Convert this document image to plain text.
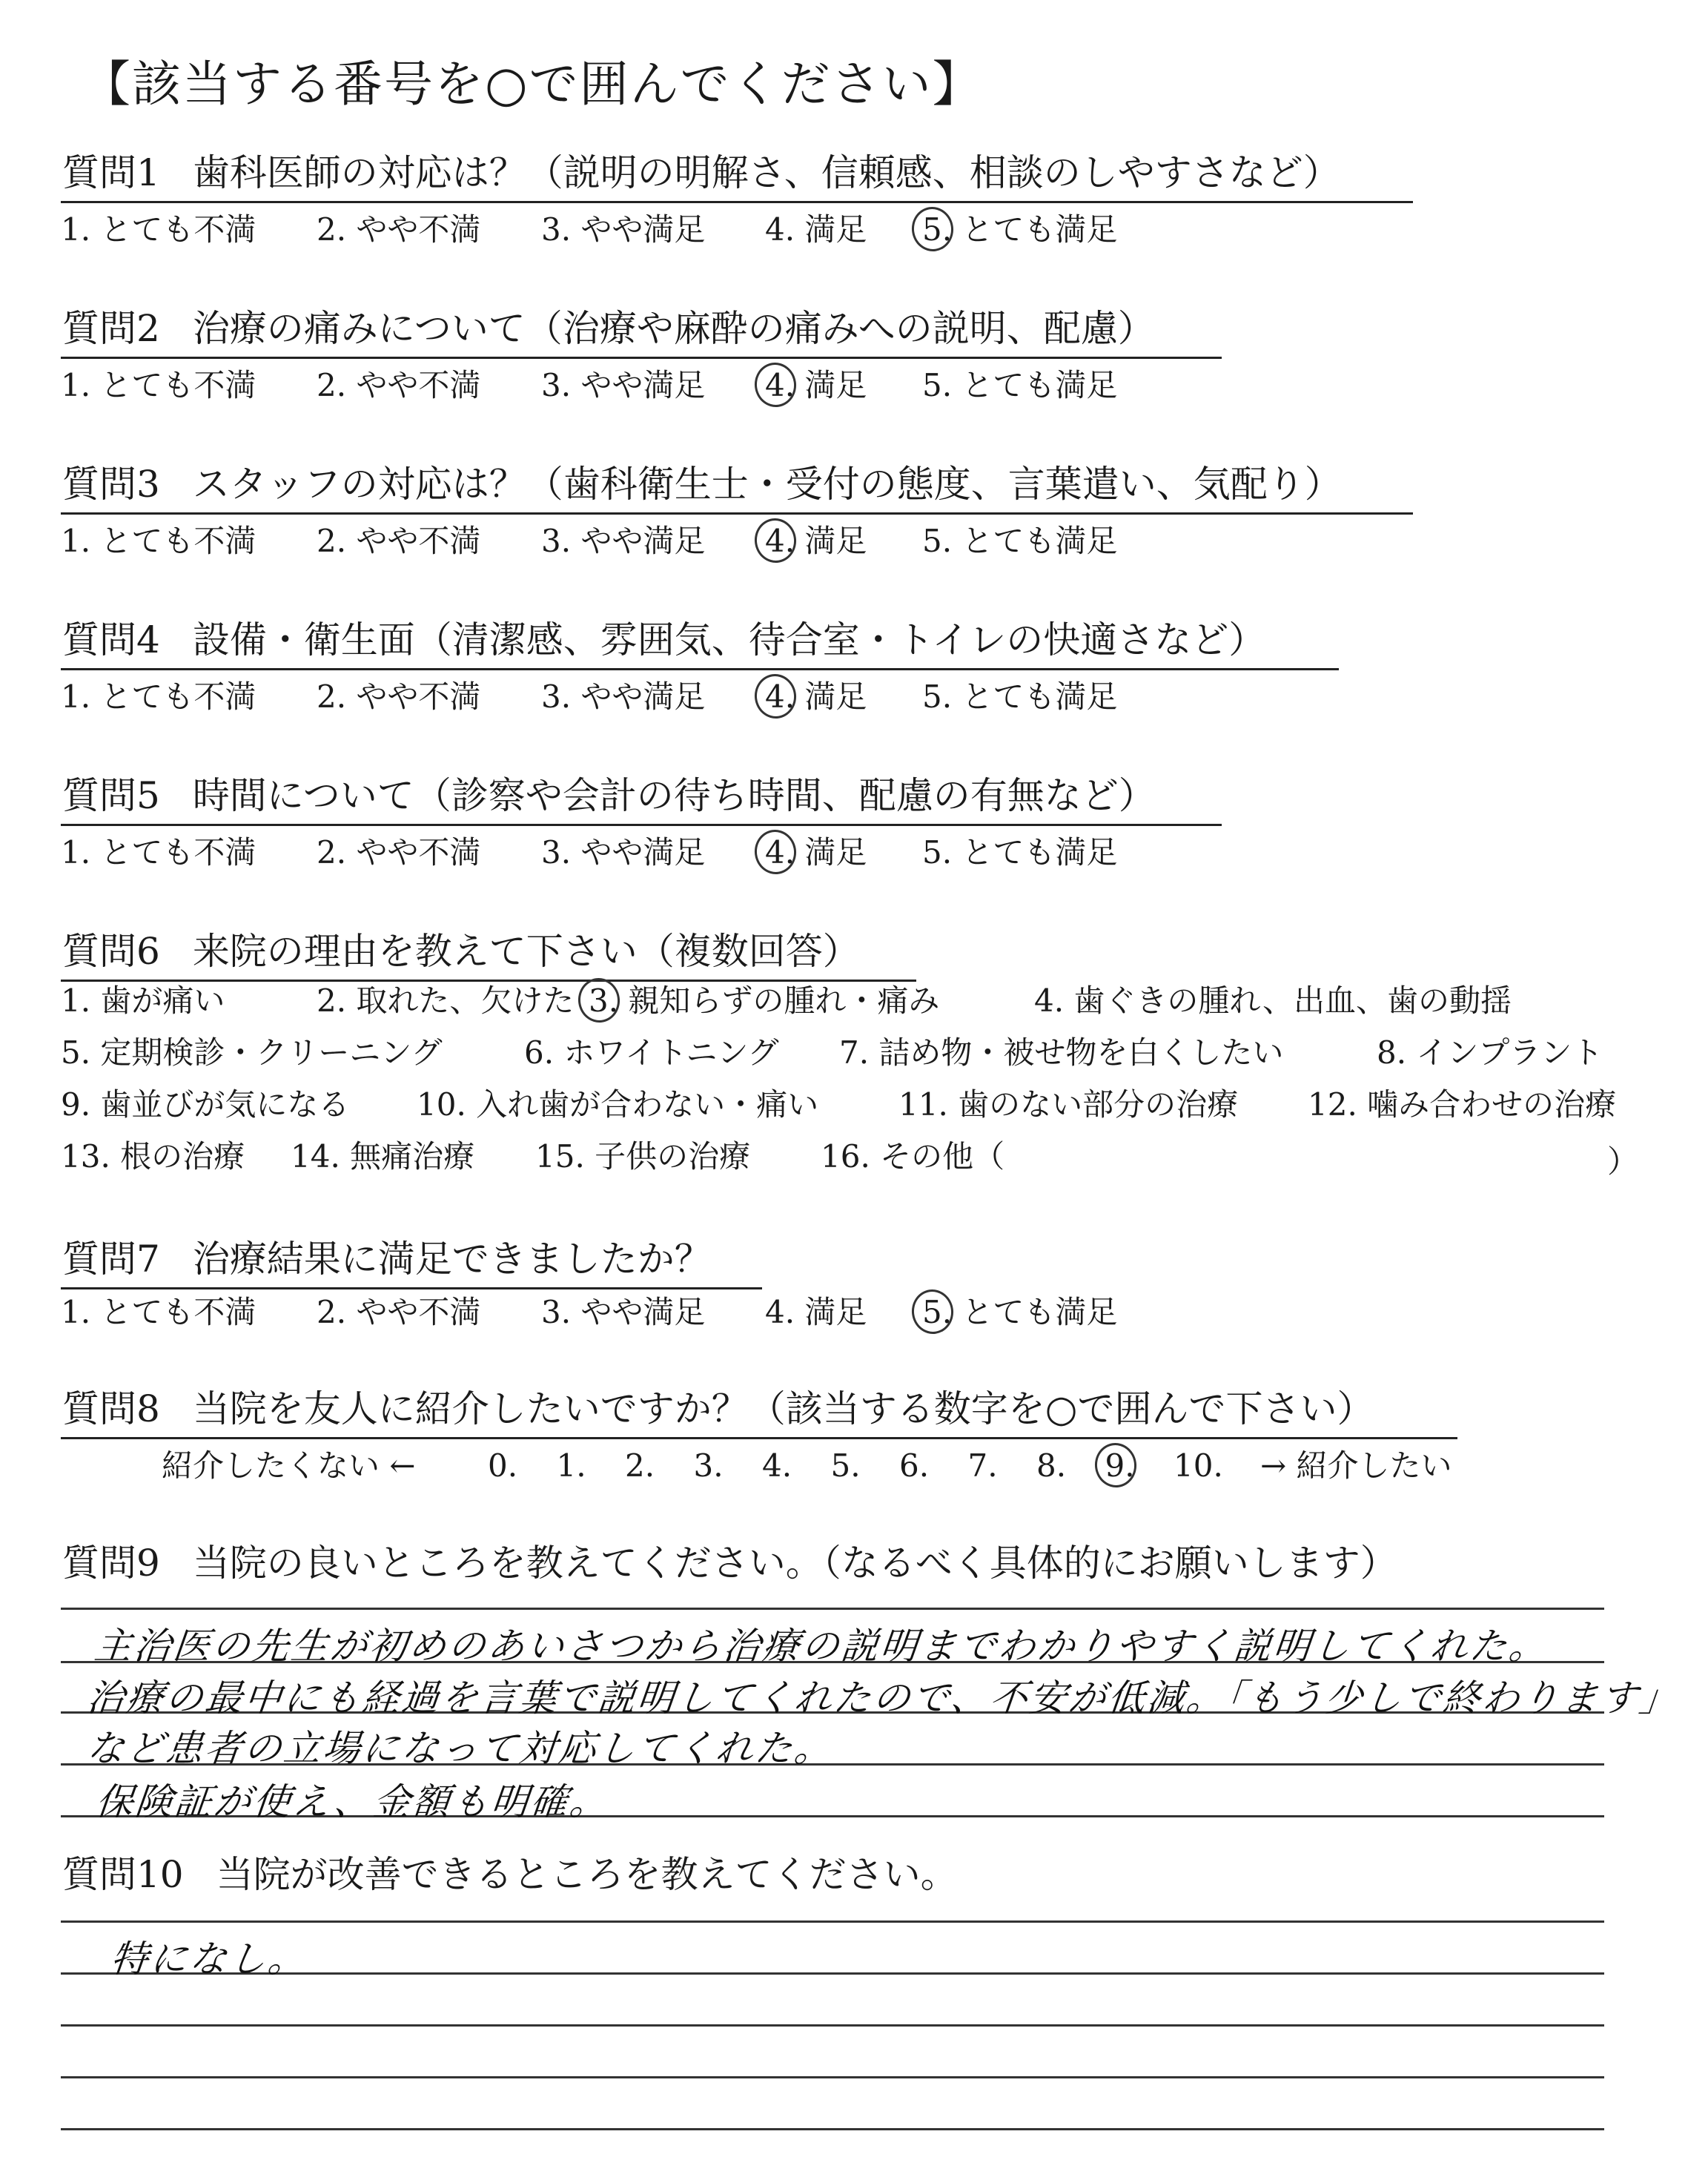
【該当する番号を○で囲んでください】
質問1 歯科医師の対応は？（説明の明解さ、信頼感、相談のしやすさなど）
1. とても不満 2. やや不満 3. やや満足 4. 満足 5.
とても満足
質問2 治療の痛みについて（治療や麻酔の痛みへの説明、配慮）
1. とても不満 2. やや不満 3. やや満足 4.
満足 5. とても満足
質問3 スタッフの対応は？（歯科衛生士・受付の態度、言葉遣い、気配り）
1. とても不満 2. やや不満 3. やや満足 4.
満足 5. とても満足
質問4 設備・衛生面（清潔感、雰囲気、待合室・トイレの快適さなど）
1. とても不満 2. やや不満 3. やや満足 4.
満足 5. とても満足
質問5 時間について（診察や会計の待ち時間、配慮の有無など）
1. とても不満 2. やや不満 3. やや満足 4.
満足 5. とても満足
質問6 来院の理由を教えて下さい（複数回答）
1. 歯が痛い	2. 取れた、欠けた 3.
親知らずの腫れ・痛み	4. 歯ぐきの腫れ、出血、歯の動揺
5. 定期検診・クリーニング	6. ホワイトニング 7. 詰め物・被せ物を白くしたい	8. インプラント
9. 歯並びが気になる 10. 入れ歯が合わない・痛い	11. 歯のない部分の治療 12. 噛み合わせの治療
13. 根の治療 14. 無痛治療 15. 子供の治療 16. その他（	）
質問7 治療結果に満足できましたか？
1. とても不満 2. やや不満 3. やや満足 4. 満足 5.
とても満足
質問8 当院を友人に紹介したいですか？（該当する数字を○で囲んで下さい）
紹介したくない ← 0. 1. 2. 3. 4. 5. 6. 7. 8. 9. 10. → 紹介したい
質問9 当院の良いところを教えてください。（なるべく具体的にお願いします）
主治医の先生が初めのあいさつから治療の説明までわかりやすく説明してくれた。
治療の最中にも経過を言葉で説明してくれたので、不安が低減。「もう少しで終わります」
など患者の立場になって対応してくれた。
保険証が使え、金額も明確。
質問10 当院が改善できるところを教えてください。
特になし。
